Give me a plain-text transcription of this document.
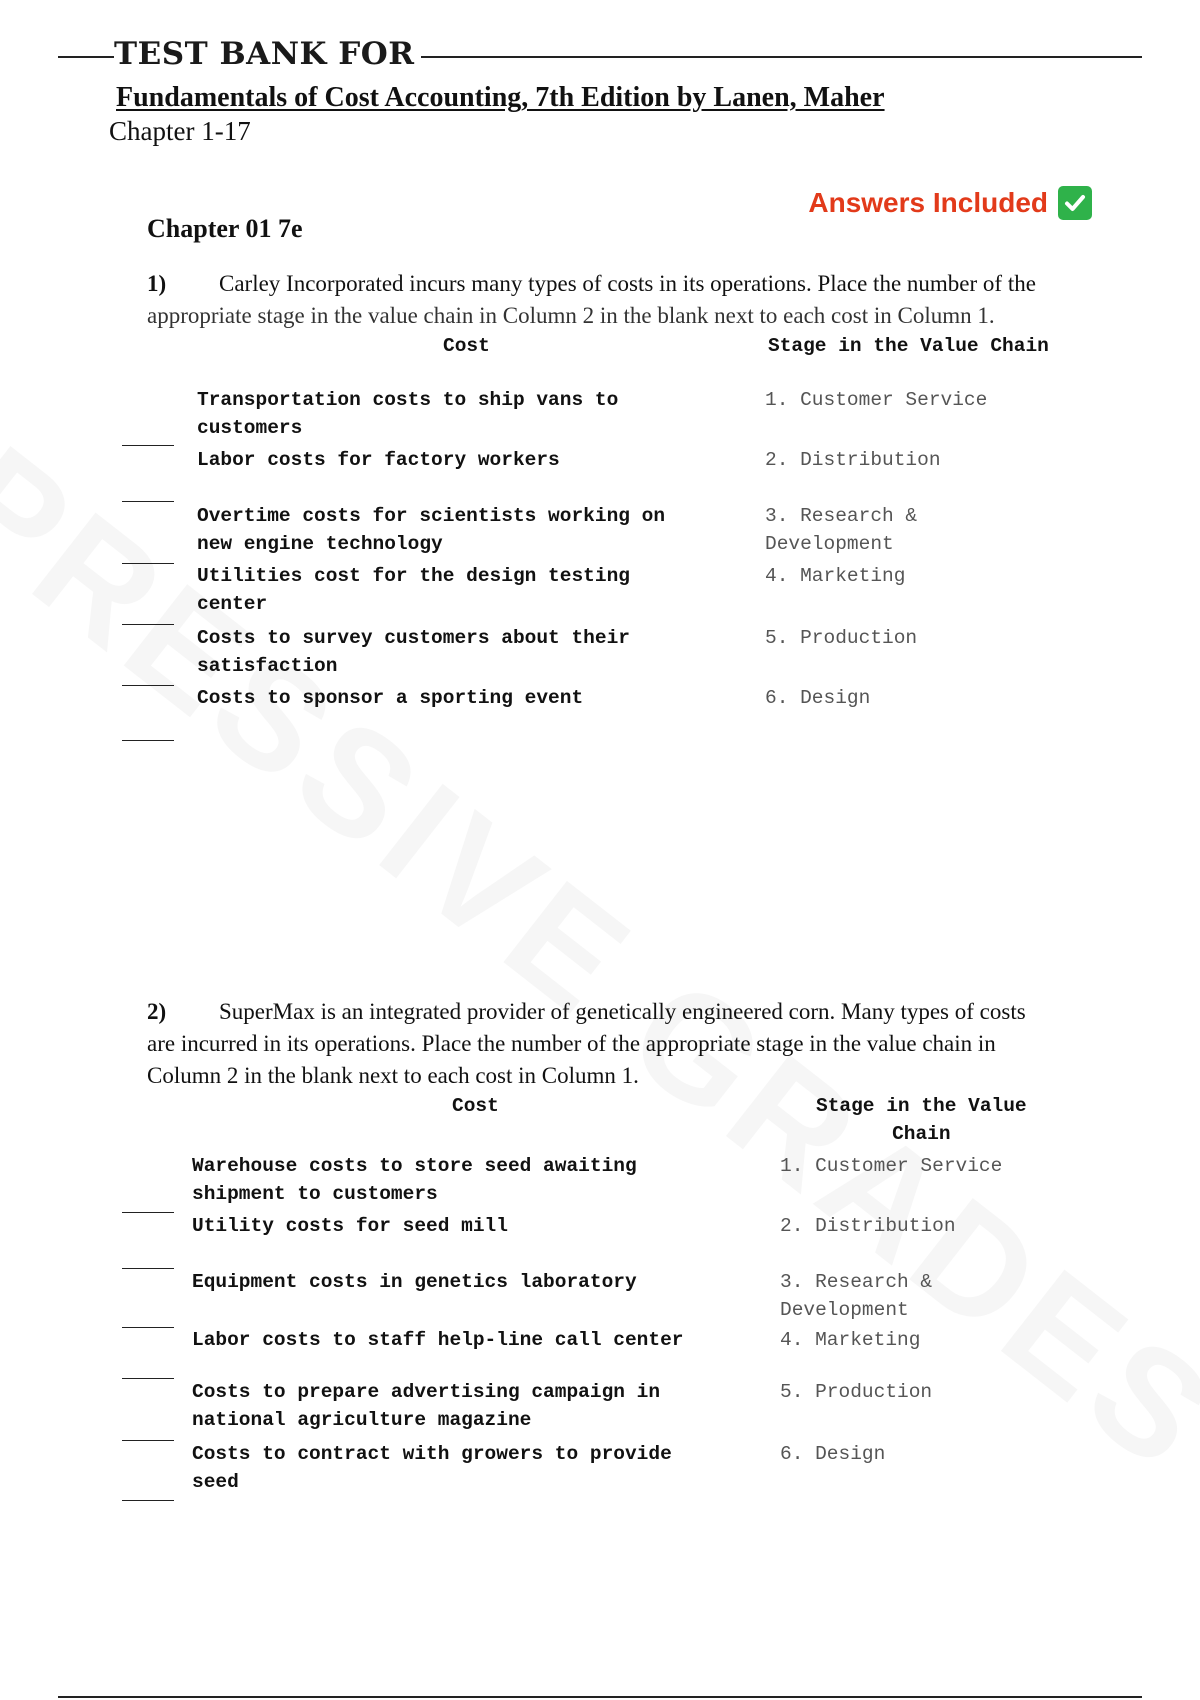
TEST BANK FOR
Fundamentals of Cost Accounting, 7th Edition by Lanen, Maher
Chapter 1-17
Answers Included
Chapter 01 7e
1) Carley Incorporated incurs many types of costs in its operations. Place the number of the
appropriate stage in the value chain in Column 2 in the blank next to each cost in Column 1.
Cost	Stage in the Value Chain
Transportation costs to ship vans to
customers
Labor costs for factory workers
Overtime costs for scientists working on
new engine technology
Utilities cost for the design testing
center
Costs to survey customers about their
satisfaction
Costs to sponsor a sporting event
1. Customer Service
2. Distribution
3. Research &
Development
4. Marketing
5. Production
6. Design
2) SuperMax is an integrated provider of genetically engineered corn. Many types of costs
are incurred in its operations. Place the number of the appropriate stage in the value chain in
Column 2 in the blank next to each cost in Column 1.
Cost	Stage in the Value
Chain
Warehouse costs to store seed awaiting
shipment to customers
Utility costs for seed mill
Equipment costs in genetics laboratory
Labor costs to staff help-line call center
Costs to prepare advertising campaign in
national agriculture magazine
Costs to contract with growers to provide
seed
1. Customer Service
2. Distribution
3. Research &
Development
4. Marketing
5. Production
6. Design
